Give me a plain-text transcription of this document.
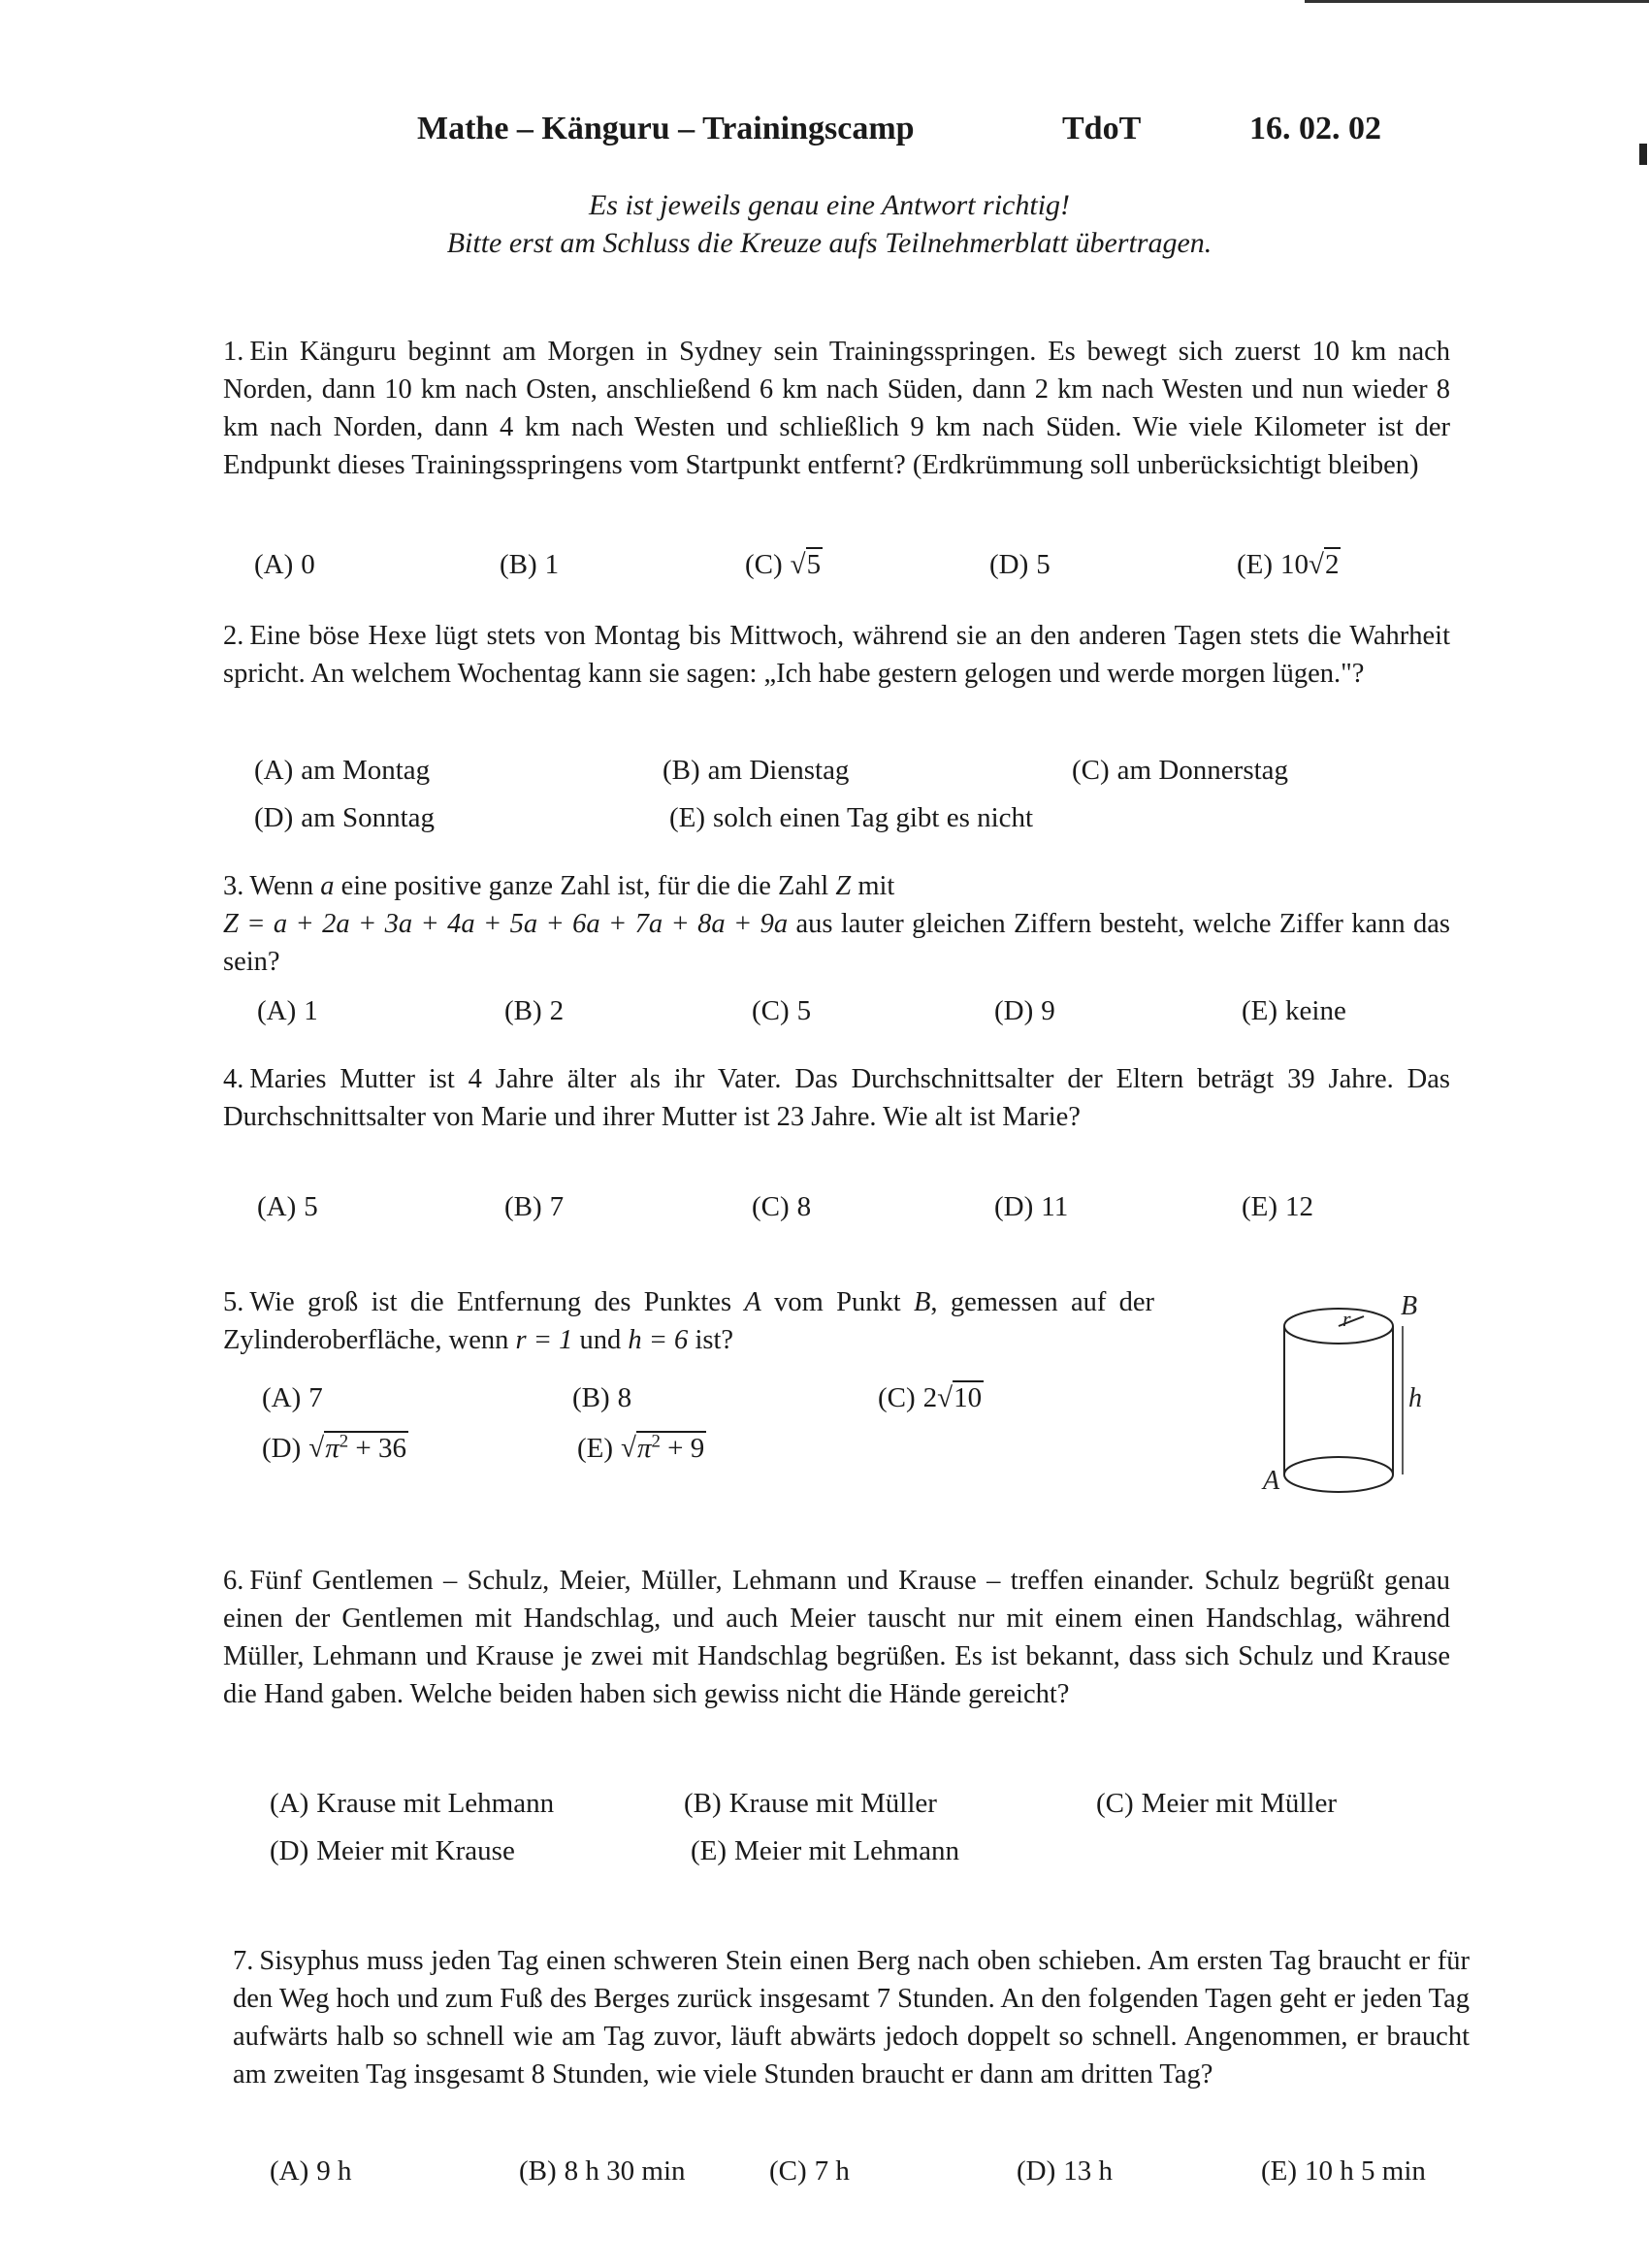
Mathe – Känguru – Trainingscamp	TdoT	16. 02. 02
Es ist jeweils genau eine Antwort richtig!
Bitte erst am Schluss die Kreuze aufs Teilnehmerblatt übertragen.
1. Ein Känguru beginnt am Morgen in Sydney sein Trainingsspringen. Es bewegt sich zuerst 10 km nach Norden, dann 10 km nach Osten, anschließend 6 km nach Süden, dann 2 km nach Westen und nun wieder 8 km nach Norden, dann 4 km nach Westen und schließlich 9 km nach Süden. Wie viele Kilometer ist der Endpunkt dieses Trainingsspringens vom Startpunkt entfernt? (Erdkrümmung soll unberücksichtigt bleiben)
(A) 0	(B) 1	(C) √5	(D) 5	(E) 10√2
2. Eine böse Hexe lügt stets von Montag bis Mittwoch, während sie an den anderen Tagen stets die Wahrheit spricht. An welchem Wochentag kann sie sagen: „Ich habe gestern gelogen und werde morgen lügen."?
(A) am Montag	(B) am Dienstag	(C) am Donnerstag
(D) am Sonntag	(E) solch einen Tag gibt es nicht
3. Wenn a eine positive ganze Zahl ist, für die die Zahl Z mit
Z = a + 2a + 3a + 4a + 5a + 6a + 7a + 8a + 9a aus lauter gleichen Ziffern besteht, welche Ziffer kann das sein?
(A) 1	(B) 2	(C) 5	(D) 9	(E) keine
4. Maries Mutter ist 4 Jahre älter als ihr Vater. Das Durchschnittsalter der Eltern beträgt 39 Jahre. Das Durchschnittsalter von Marie und ihrer Mutter ist 23 Jahre. Wie alt ist Marie?
(A) 5	(B) 7	(C) 8	(D) 11	(E) 12
5. Wie groß ist die Entfernung des Punktes A vom Punkt B, gemessen auf der Zylinderoberfläche, wenn r = 1 und h = 6 ist?
(A) 7	(B) 8	(C) 2√10
(D) $√\pi^2 + 36$	(E) $√\pi^2 + 9$
B
h
A
r
6. Fünf Gentlemen – Schulz, Meier, Müller, Lehmann und Krause – treffen einander. Schulz begrüßt genau einen der Gentlemen mit Handschlag, und auch Meier tauscht nur mit einem einen Handschlag, während Müller, Lehmann und Krause je zwei mit Handschlag begrüßen. Es ist bekannt, dass sich Schulz und Krause die Hand gaben. Welche beiden haben sich gewiss nicht die Hände gereicht?
(A) Krause mit Lehmann	(B) Krause mit Müller	(C) Meier mit Müller
(D) Meier mit Krause	(E) Meier mit Lehmann
7. Sisyphus muss jeden Tag einen schweren Stein einen Berg nach oben schieben. Am ersten Tag braucht er für den Weg hoch und zum Fuß des Berges zurück insgesamt 7 Stunden. An den folgenden Tagen geht er jeden Tag aufwärts halb so schnell wie am Tag zuvor, läuft abwärts jedoch doppelt so schnell. Angenommen, er braucht am zweiten Tag insgesamt 8 Stunden, wie viele Stunden braucht er dann am dritten Tag?
(A) 9 h	(B) 8 h 30 min	(C) 7 h	(D) 13 h	(E) 10 h 5 min
